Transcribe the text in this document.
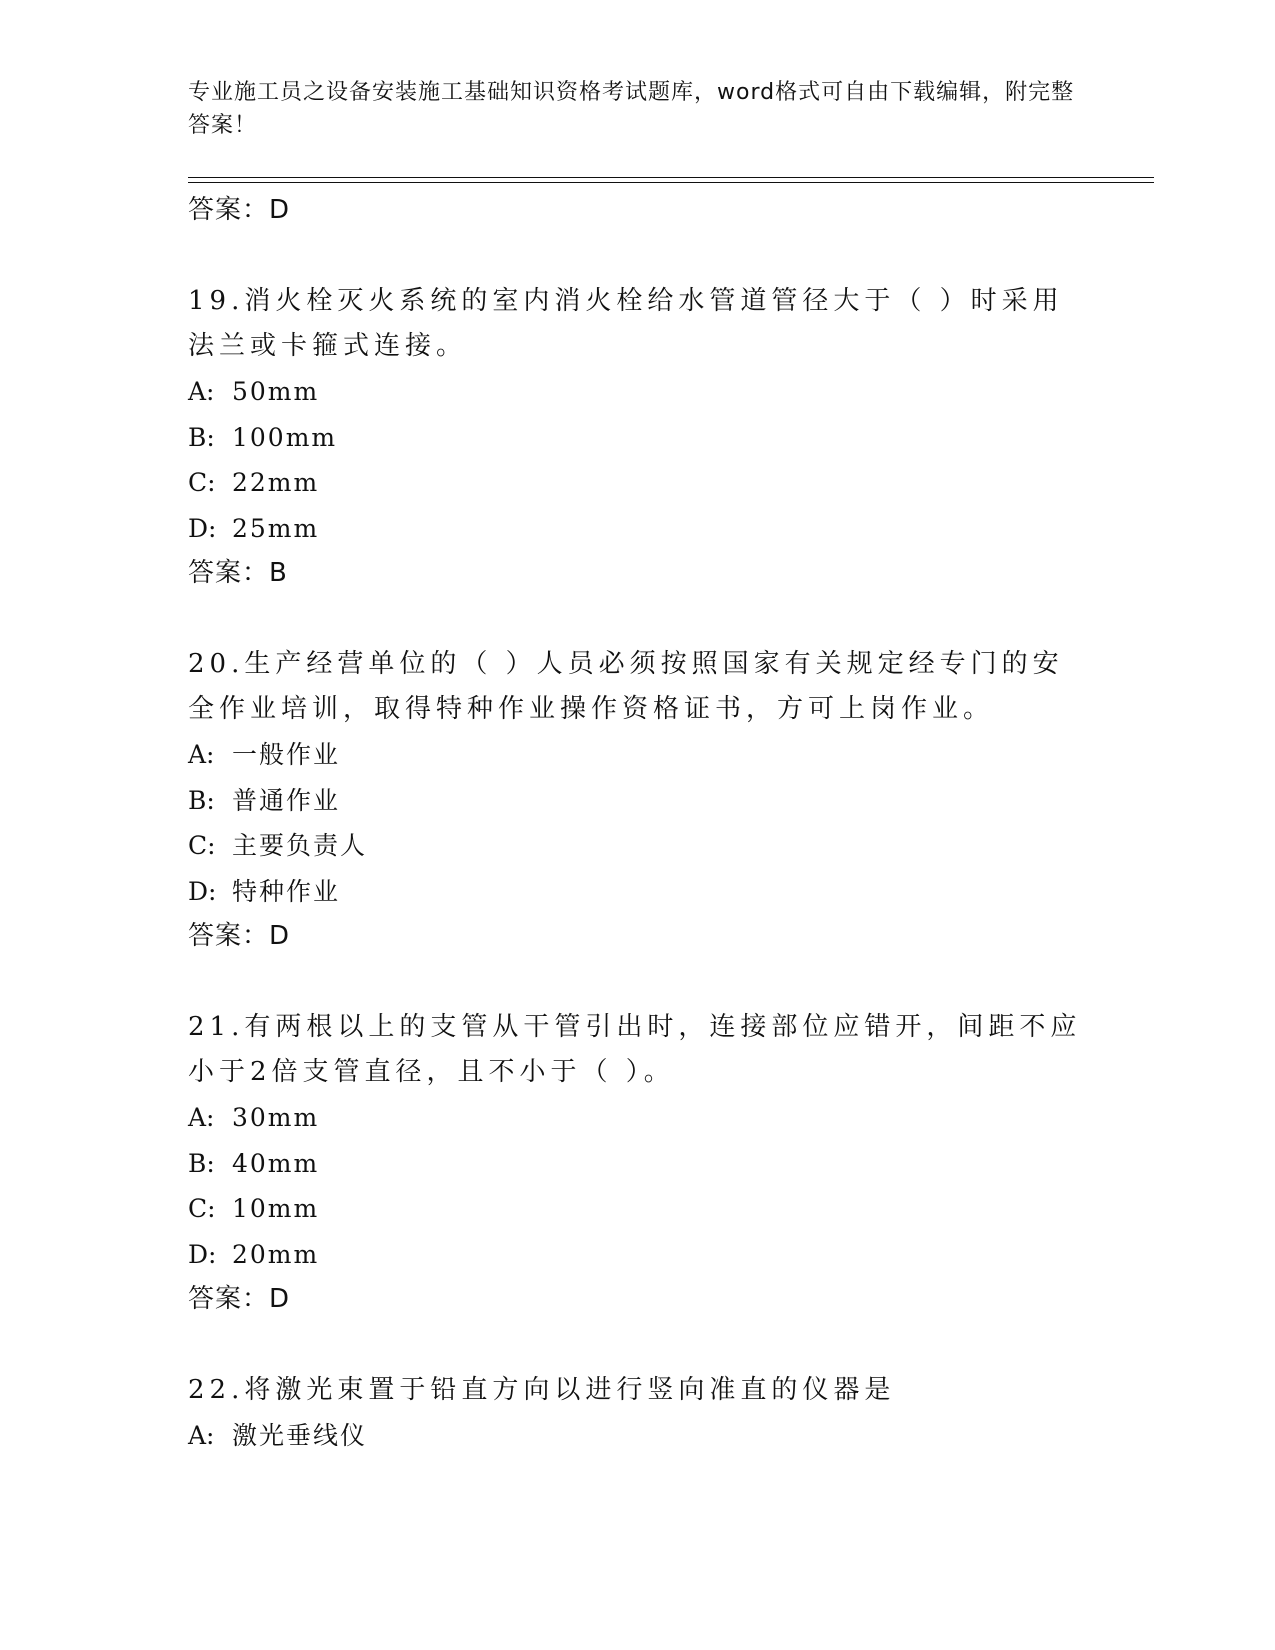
专业施工员之设备安装施工基础知识资格考试题库，word格式可自由下载编辑，附完整答案！
答案：D
19.消火栓灭火系统的室内消火栓给水管道管径大于（ ）时采用法兰或卡箍式连接。
A: 50mm
B: 100mm
C: 22mm
D: 25mm
答案：B
20.生产经营单位的（ ）人员必须按照国家有关规定经专门的安全作业培训，取得特种作业操作资格证书，方可上岗作业。
A: 一般作业
B: 普通作业
C: 主要负责人
D: 特种作业
答案：D
21.有两根以上的支管从干管引出时，连接部位应错开，间距不应小于2倍支管直径，且不小于（ ）。
A: 30mm
B: 40mm
C: 10mm
D: 20mm
答案：D
22.将激光束置于铅直方向以进行竖向准直的仪器是
A: 激光垂线仪
